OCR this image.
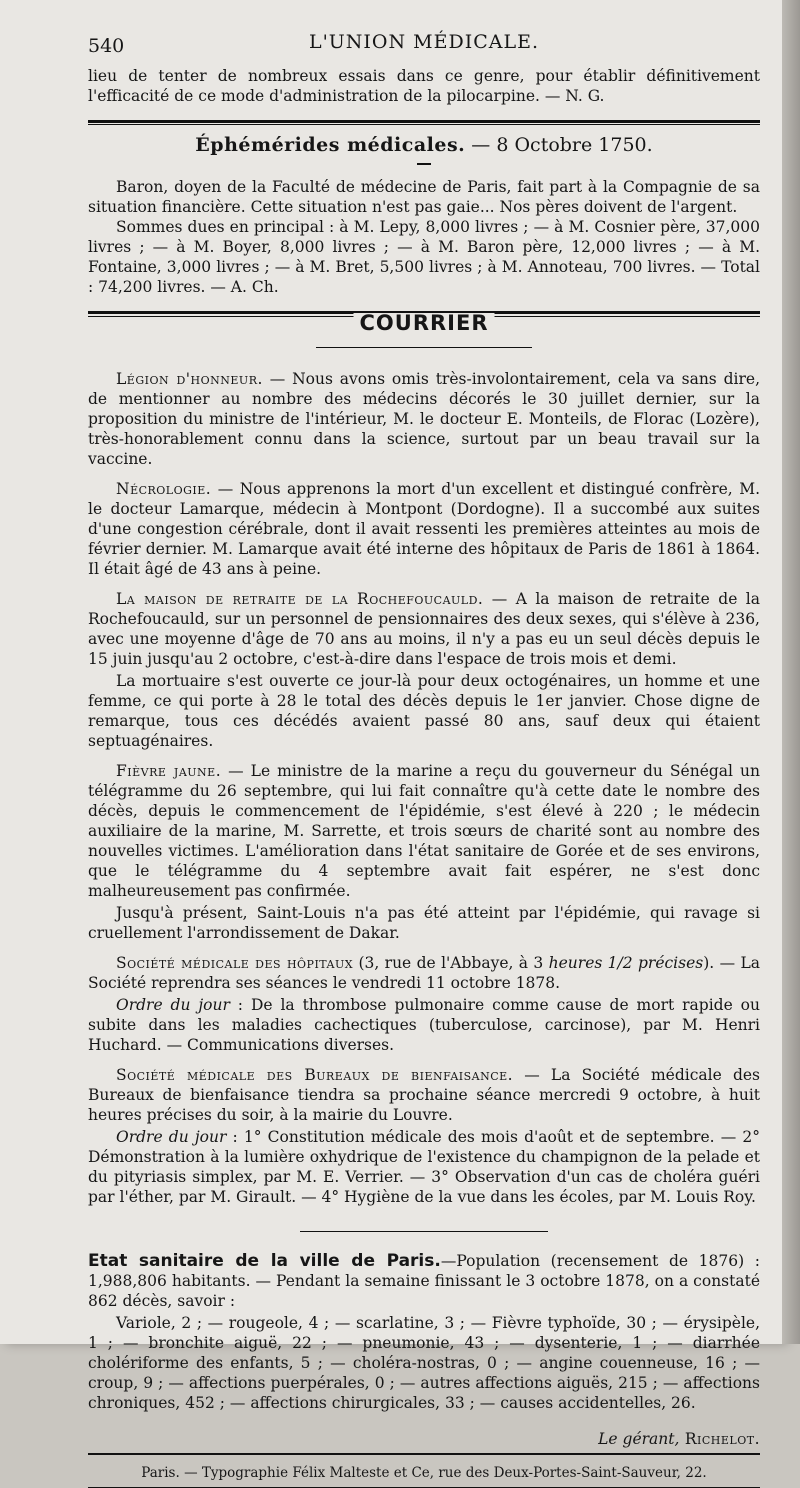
540	L'UNION MÉDICALE.

lieu de tenter de nombreux essais dans ce genre, pour établir définitivement l'efficacité de ce mode d'administration de la pilocarpine. — N. G.

Éphémérides médicales. — 8 Octobre 1750.

Baron, doyen de la Faculté de médecine de Paris, fait part à la Compagnie de sa situation financière. Cette situation n'est pas gaie... Nos pères doivent de l'argent.

Sommes dues en principal : à M. Lepy, 8,000 livres ; — à M. Cosnier père, 37,000 livres ; — à M. Boyer, 8,000 livres ; — à M. Baron père, 12,000 livres ; — à M. Fontaine, 3,000 livres ; — à M. Bret, 5,500 livres ; à M. Annoteau, 700 livres. — Total : 74,200 livres. — A. Ch.

COURRIER

Légion d'honneur. — Nous avons omis très-involontairement, cela va sans dire, de mentionner au nombre des médecins décorés le 30 juillet dernier, sur la proposition du ministre de l'intérieur, M. le docteur E. Monteils, de Florac (Lozère), très-honorablement connu dans la science, surtout par un beau travail sur la vaccine.

Nécrologie. — Nous apprenons la mort d'un excellent et distingué confrère, M. le docteur Lamarque, médecin à Montpont (Dordogne). Il a succombé aux suites d'une congestion cérébrale, dont il avait ressenti les premières atteintes au mois de février dernier. M. Lamarque avait été interne des hôpitaux de Paris de 1861 à 1864. Il était âgé de 43 ans à peine.

La maison de retraite de la Rochefoucauld. — A la maison de retraite de la Rochefoucauld, sur un personnel de pensionnaires des deux sexes, qui s'élève à 236, avec une moyenne d'âge de 70 ans au moins, il n'y a pas eu un seul décès depuis le 15 juin jusqu'au 2 octobre, c'est-à-dire dans l'espace de trois mois et demi.

La mortuaire s'est ouverte ce jour-là pour deux octogénaires, un homme et une femme, ce qui porte à 28 le total des décès depuis le 1er janvier. Chose digne de remarque, tous ces décédés avaient passé 80 ans, sauf deux qui étaient septuagénaires.

Fièvre jaune. — Le ministre de la marine a reçu du gouverneur du Sénégal un télégramme du 26 septembre, qui lui fait connaître qu'à cette date le nombre des décès, depuis le commencement de l'épidémie, s'est élevé à 220 ; le médecin auxiliaire de la marine, M. Sarrette, et trois sœurs de charité sont au nombre des nouvelles victimes. L'amélioration dans l'état sanitaire de Gorée et de ses environs, que le télégramme du 4 septembre avait fait espérer, ne s'est donc malheureusement pas confirmée.

Jusqu'à présent, Saint-Louis n'a pas été atteint par l'épidémie, qui ravage si cruellement l'arrondissement de Dakar.

Société médicale des hôpitaux (3, rue de l'Abbaye, à 3 heures 1/2 précises). — La Société reprendra ses séances le vendredi 11 octobre 1878.

Ordre du jour : De la thrombose pulmonaire comme cause de mort rapide ou subite dans les maladies cachectiques (tuberculose, carcinose), par M. Henri Huchard. — Communications diverses.

Société médicale des Bureaux de bienfaisance. — La Société médicale des Bureaux de bienfaisance tiendra sa prochaine séance mercredi 9 octobre, à huit heures précises du soir, à la mairie du Louvre.

Ordre du jour : 1° Constitution médicale des mois d'août et de septembre. — 2° Démonstration à la lumière oxhydrique de l'existence du champignon de la pelade et du pityriasis simplex, par M. E. Verrier. — 3° Observation d'un cas de choléra guéri par l'éther, par M. Girault. — 4° Hygiène de la vue dans les écoles, par M. Louis Roy.

Etat sanitaire de la ville de Paris.—Population (recensement de 1876) : 1,988,806 habitants. — Pendant la semaine finissant le 3 octobre 1878, on a constaté 862 décès, savoir :

Variole, 2 ; — rougeole, 4 ; — scarlatine, 3 ; — Fièvre typhoïde, 30 ; — érysipèle, 1 ; — bronchite aiguë, 22 ; — pneumonie, 43 ; — dysenterie, 1 ; — diarrhée cholériforme des enfants, 5 ; — choléra-nostras, 0 ; — angine couenneuse, 16 ; — croup, 9 ; — affections puerpérales, 0 ; — autres affections aiguës, 215 ; — affections chroniques, 452 ; — affections chirurgicales, 33 ; — causes accidentelles, 26.

Le gérant, Richelot.
Paris. — Typographie Félix Malteste et Ce, rue des Deux-Portes-Saint-Sauveur, 22.
